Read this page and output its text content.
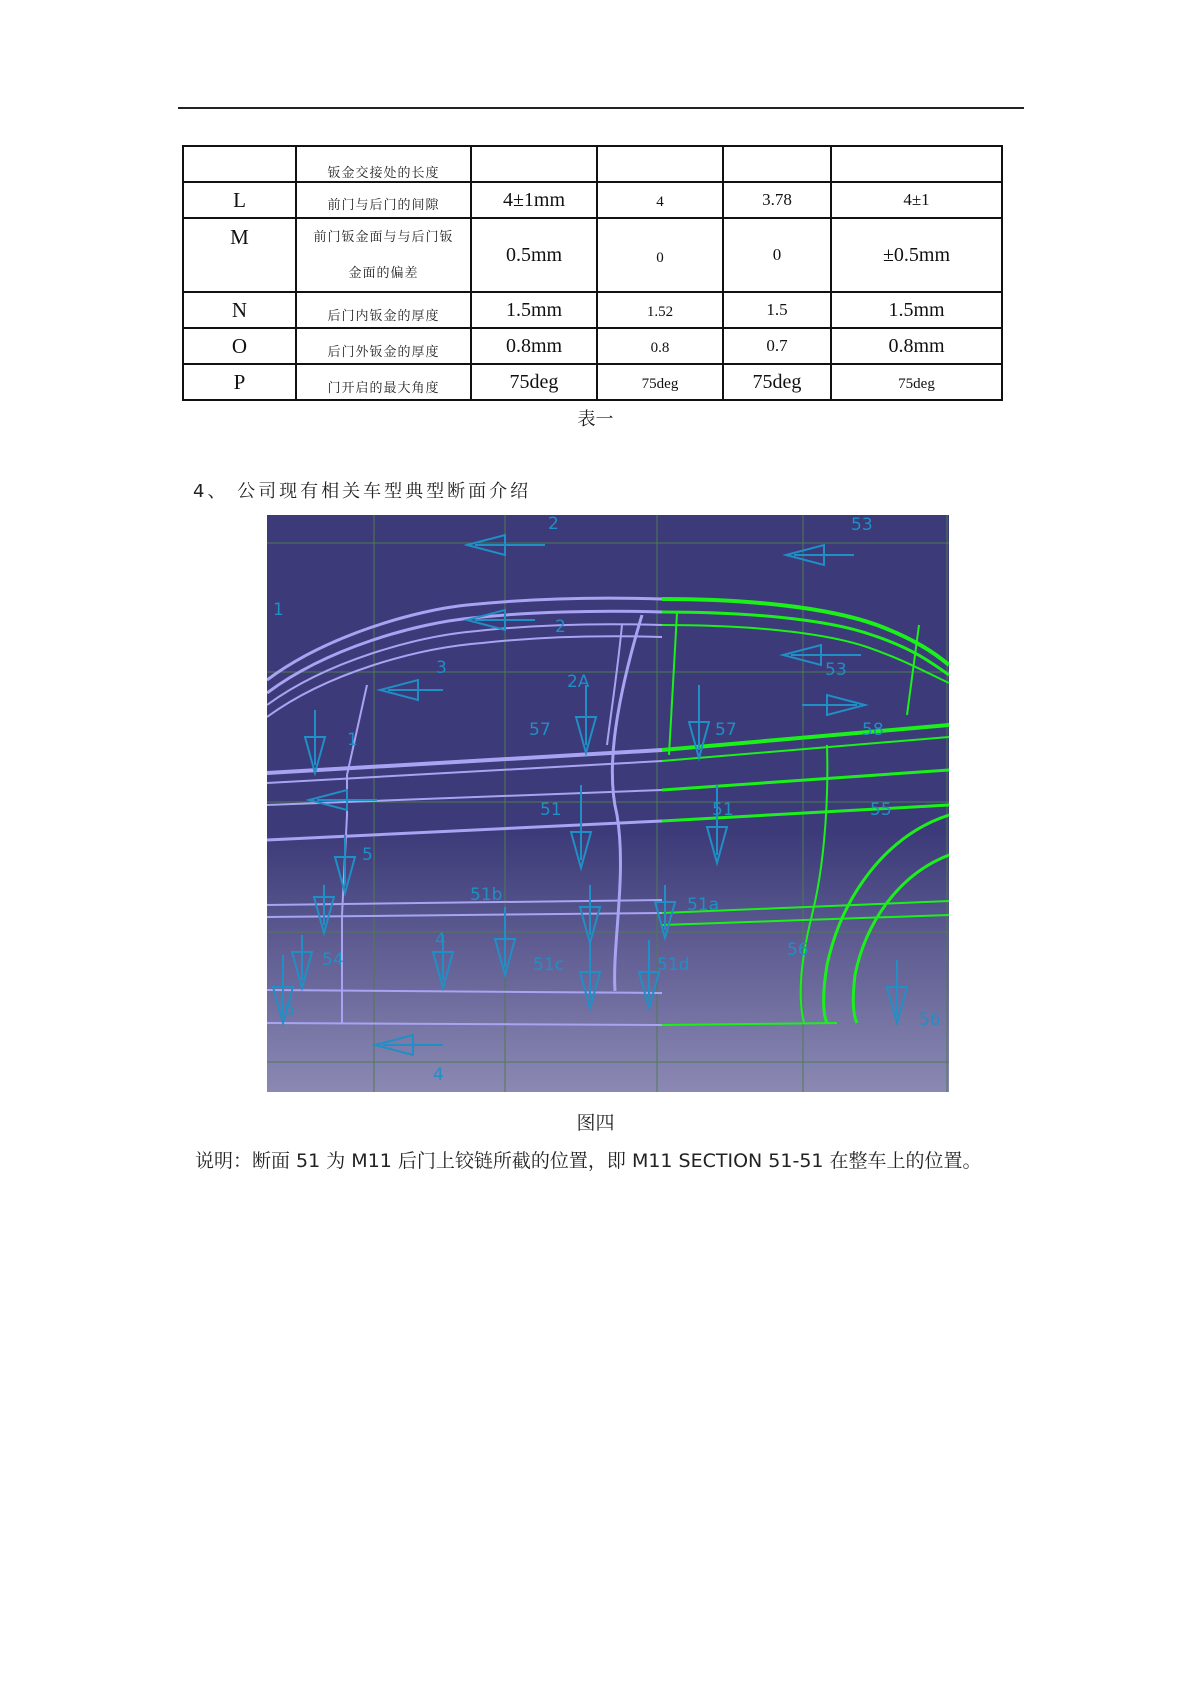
	钣金交接处的长度				
L	前门与后门的间隙	4±1mm	4	3.78	4±1
M	前门钣金面与与后门钣
金面的偏差	0.5mm	0	0	±0.5mm
N	后门内钣金的厚度	1.5mm	1.52	1.5	1.5mm
O	后门外钣金的厚度	0.8mm	0.8	0.7	0.8mm
P	门开启的最大角度	75deg	75deg	75deg	75deg
表一
4、 公司现有相关车型典型断面介绍
2	53
1
3
2
2A
57	57
53
58
1
55
51	51
5
51b	51a
4
54	51c
6
51d
56
56
4
图四
说明：断面 51 为 M11 后门上铰链所截的位置，即 M11 SECTION 51-51 在整车上的位置。
